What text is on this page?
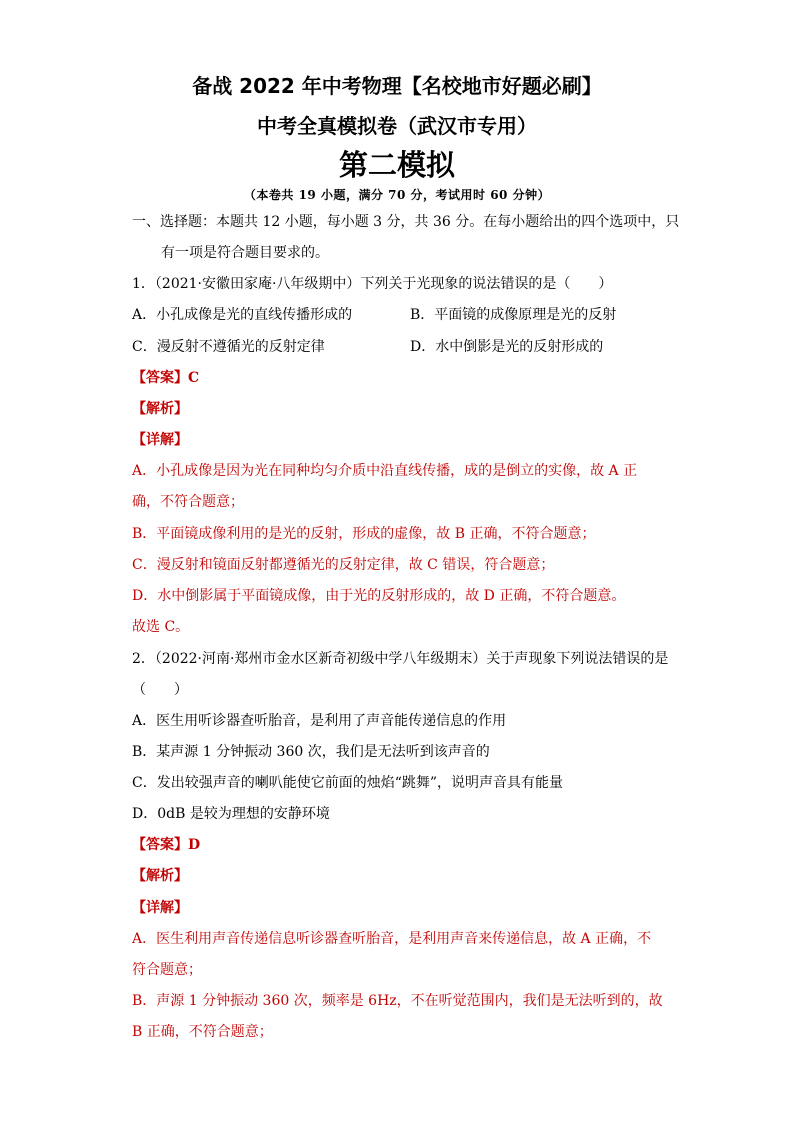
备战 2022 年中考物理【名校地市好题必刷】
中考全真模拟卷（武汉市专用）
第二模拟
（本卷共 19 小题，满分 70 分，考试用时 60 分钟）
一、选择题：本题共 12 小题，每小题 3 分，共 36 分。在每小题给出的四个选项中，只
有一项是符合题目要求的。
1．（2021·安徽田家庵·八年级期中）下列关于光现象的说法错误的是（　　）
A．小孔成像是光的直线传播形成的	B．平面镜的成像原理是光的反射
C．漫反射不遵循光的反射定律	D．水中倒影是光的反射形成的
【答案】C
【解析】
【详解】
A．小孔成像是因为光在同种均匀介质中沿直线传播，成的是倒立的实像，故 A 正
确，不符合题意；
B．平面镜成像利用的是光的反射，形成的虚像，故 B 正确，不符合题意；
C．漫反射和镜面反射都遵循光的反射定律，故 C 错误，符合题意；
D．水中倒影属于平面镜成像，由于光的反射形成的，故 D 正确，不符合题意。
故选 C。
2．（2022·河南·郑州市金水区新奇初级中学八年级期末）关于声现象下列说法错误的是
（　　）
A．医生用听诊器查听胎音，是利用了声音能传递信息的作用
B．某声源 1 分钟振动 360 次，我们是无法听到该声音的
C．发出较强声音的喇叭能使它前面的烛焰“跳舞”，说明声音具有能量
D．0dB 是较为理想的安静环境
【答案】D
【解析】
【详解】
A．医生利用声音传递信息听诊器查听胎音，是利用声音来传递信息，故 A 正确，不
符合题意；
B．声源 1 分钟振动 360 次，频率是 6Hz，不在听觉范围内，我们是无法听到的，故
B 正确，不符合题意；
